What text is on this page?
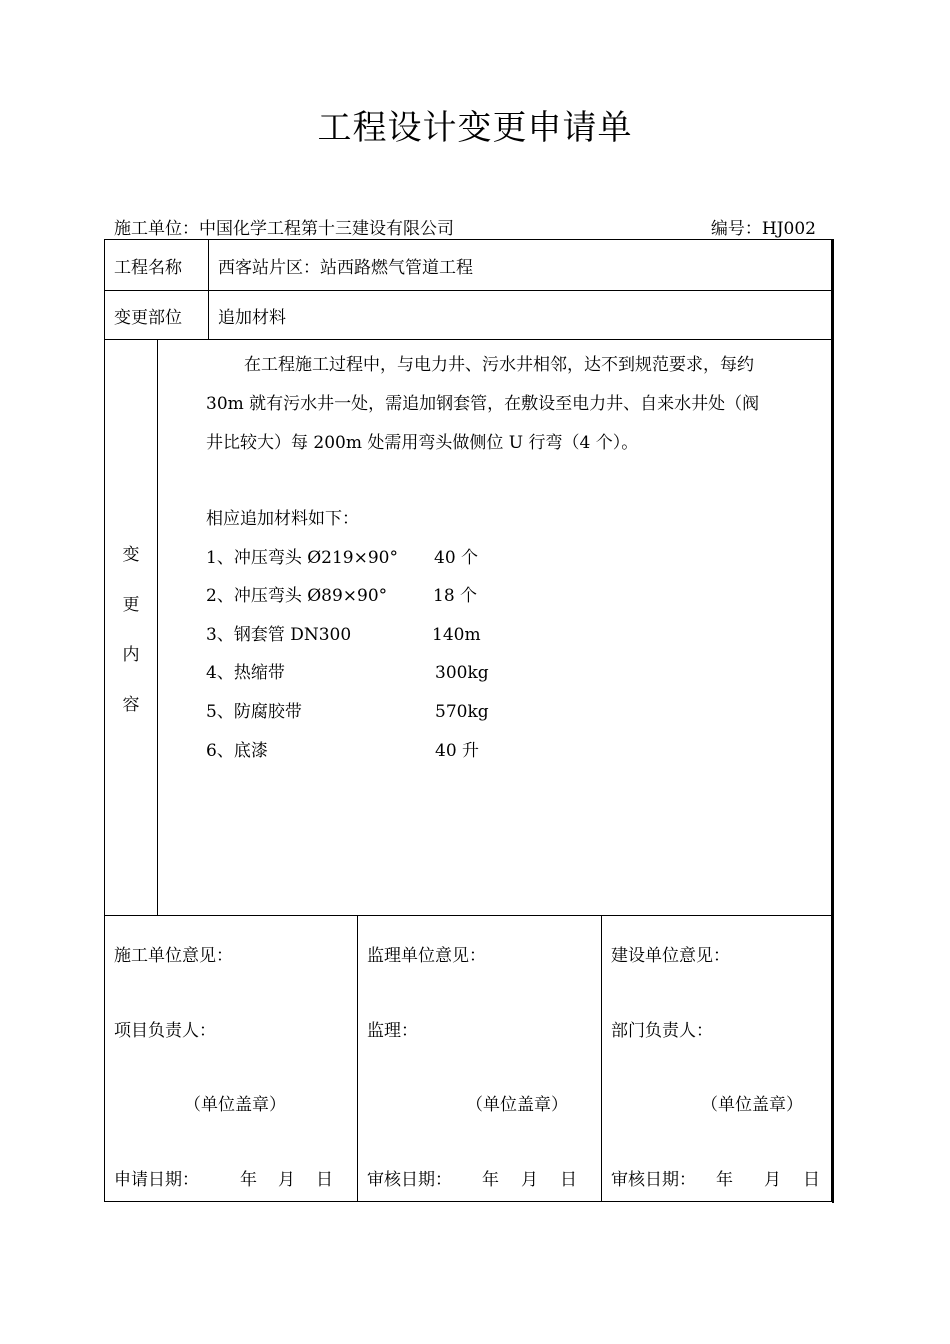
工程设计变更申请单
施工单位：中国化学工程第十三建设有限公司	编号：HJ002
工程名称 西客站片区：站西路燃气管道工程
变更部位 追加材料
变
更
内
容
在工程施工过程中，与电力井、污水井相邻，达不到规范要求，每约
30m 就有污水井一处，需追加钢套管，在敷设至电力井、自来水井处（阀
井比较大）每 200m 处需用弯头做侧位 U 行弯（4 个）。
相应追加材料如下：
1、冲压弯头 Ø219×90° 40 个
2、冲压弯头 Ø89×90°	18 个
3、钢套管 DN300	140m
4、热缩带	300kg
5、防腐胶带	570kg
6、底漆	40 升
施工单位意见：
项目负责人：
（单位盖章）
申请日期： 年 月 日
监理单位意见：
监理：
（单位盖章）
审核日期： 年 月 日
建设单位意见：
部门负责人：
（单位盖章）
审核日期： 年 月 日
